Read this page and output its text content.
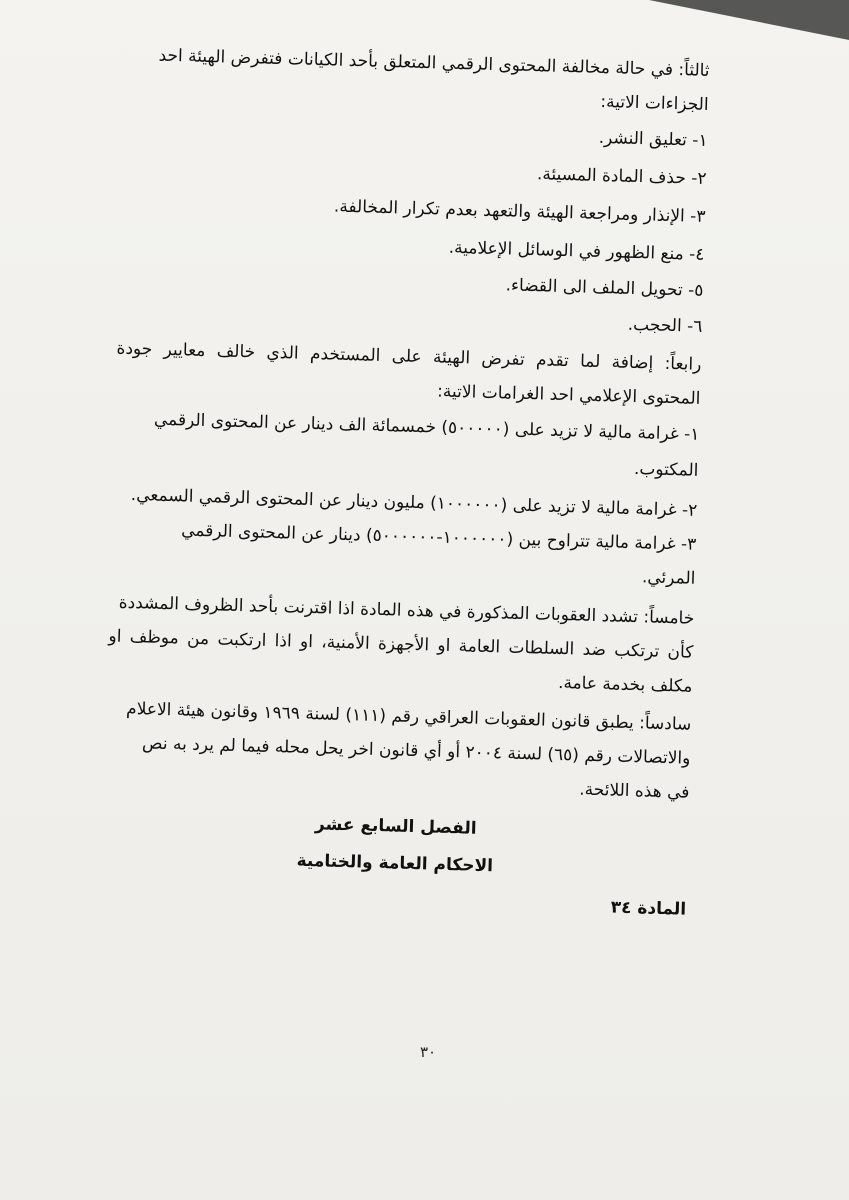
ثالثاً: في حالة مخالفة المحتوى الرقمي المتعلق بأحد الكيانات فتفرض الهيئة احد

الجزاءات الاتية:

١- تعليق النشر.

٢- حذف المادة المسيئة.

٣- الإنذار ومراجعة الهيئة والتعهد بعدم تكرار المخالفة.

٤- منع الظهور في الوسائل الإعلامية.

٥- تحويل الملف الى القضاء.

٦- الحجب.

رابعاً: إضافة لما تقدم تفرض الهيئة على المستخدم الذي خالف معايير جودة

المحتوى الإعلامي احد الغرامات الاتية:

١- غرامة مالية لا تزيد على (٥٠٠٠٠٠) خمسمائة الف دينار عن المحتوى الرقمي

المكتوب.

٢- غرامة مالية لا تزيد على (١٠٠٠٠٠٠) مليون دينار عن المحتوى الرقمي السمعي.

٣- غرامة مالية تتراوح بين (١٠٠٠٠٠٠-٥٠٠٠٠٠٠) دينار عن المحتوى الرقمي

المرئي.

خامساً: تشدد العقوبات المذكورة في هذه المادة اذا اقترنت بأحد الظروف المشددة

كأن ترتكب ضد السلطات العامة او الأجهزة الأمنية، او اذا ارتكبت من موظف او

مكلف بخدمة عامة.

سادساً: يطبق قانون العقوبات العراقي رقم (١١١) لسنة ١٩٦٩ وقانون هيئة الاعلام

والاتصالات رقم (٦٥) لسنة ٢٠٠٤ أو أي قانون اخر يحل محله فيما لم يرد به نص

في هذه اللائحة.

الفصل السابع عشر

الاحكام العامة والختامية

المادة ٣٤

٣٠
